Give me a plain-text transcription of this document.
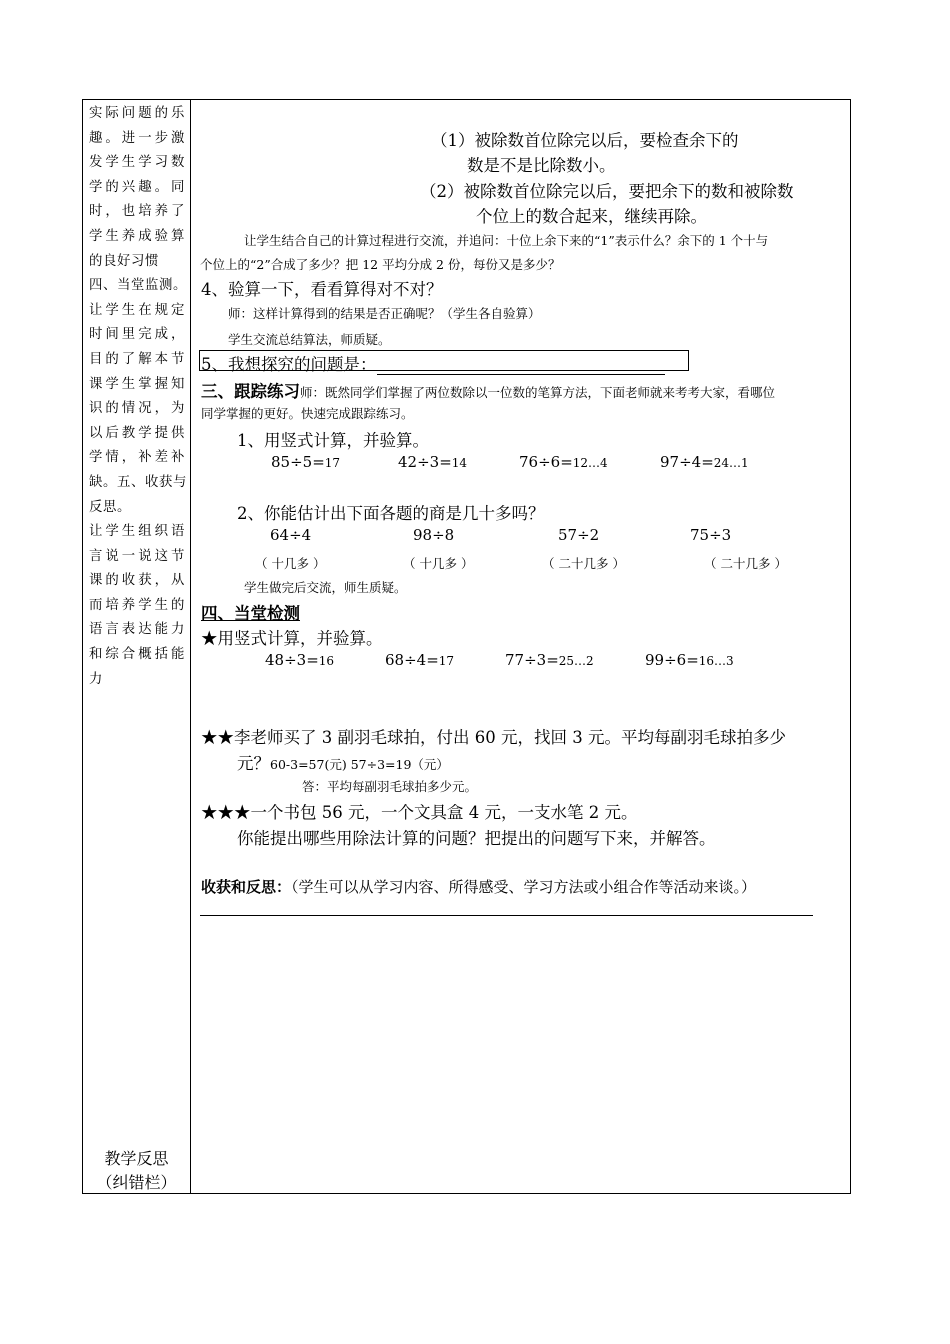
实际问题的乐
趣。进一步激
发学生学习数
学的兴趣。同
时，也培养了
学生养成验算
的良好习惯
四、当堂监测。
让学生在规定
时间里完成，
目的了解本节
课学生掌握知
识的情况，为
以后教学提供
学情，补差补
缺。五、收获与
反思。
让学生组织语
言说一说这节
课的收获，从
而培养学生的
语言表达能力
和综合概括能
力
教学反思
（纠错栏）
（1）被除数首位除完以后，要检查余下的
数是不是比除数小。
（2）被除数首位除完以后，要把余下的数和被除数
个位上的数合起来，继续再除。
让学生结合自己的计算过程进行交流，并追问：十位上余下来的“1”表示什么？余下的 1 个十与
个位上的“2”合成了多少？把 12 平均分成 2 份，每份又是多少？
4、验算一下，看看算得对不对？
师：这样计算得到的结果是否正确呢？（学生各自验算）
学生交流总结算法，师质疑。
5、我想探究的问题是：
三、跟踪练习师：既然同学们掌握了两位数除以一位数的笔算方法，下面老师就来考考大家，看哪位
同学掌握的更好。快速完成跟踪练习。
1、用竖式计算，并验算。
85÷5=17	42÷3=14	76÷6=12…4	97÷4=24…1
2、你能估计出下面各题的商是几十多吗？
64÷4	98÷8	57÷2	75÷3
（ 十几多 ）	（ 十几多 ）	（ 二十几多 ）	（ 二十几多 ）
学生做完后交流，师生质疑。
四、当堂检测
★用竖式计算，并验算。
48÷3=16	68÷4=17	77÷3=25…2	99÷6=16…3
★★李老师买了 3 副羽毛球拍，付出 60 元，找回 3 元。平均每副羽毛球拍多少
元？60-3=57(元) 57÷3=19（元）
答：平均每副羽毛球拍多少元。
★★★一个书包 56 元，一个文具盒 4 元，一支水笔 2 元。
你能提出哪些用除法计算的问题？把提出的问题写下来，并解答。
收获和反思：（学生可以从学习内容、所得感受、学习方法或小组合作等活动来谈。）
